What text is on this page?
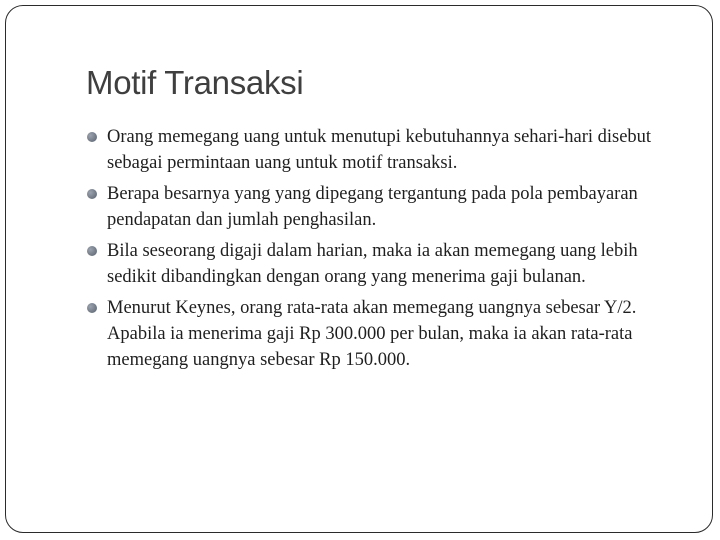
Motif Transaksi
Orang memegang uang untuk menutupi kebutuhannya sehari-hari disebut sebagai permintaan uang untuk motif transaksi.
Berapa besarnya yang yang dipegang tergantung pada pola pembayaran pendapatan dan jumlah penghasilan.
Bila seseorang digaji dalam harian, maka ia akan memegang uang lebih sedikit dibandingkan dengan orang yang menerima gaji bulanan.
Menurut Keynes, orang rata-rata akan memegang uangnya sebesar Y/2. Apabila ia menerima gaji Rp 300.000 per bulan, maka ia akan rata-rata memegang uangnya sebesar Rp 150.000.
